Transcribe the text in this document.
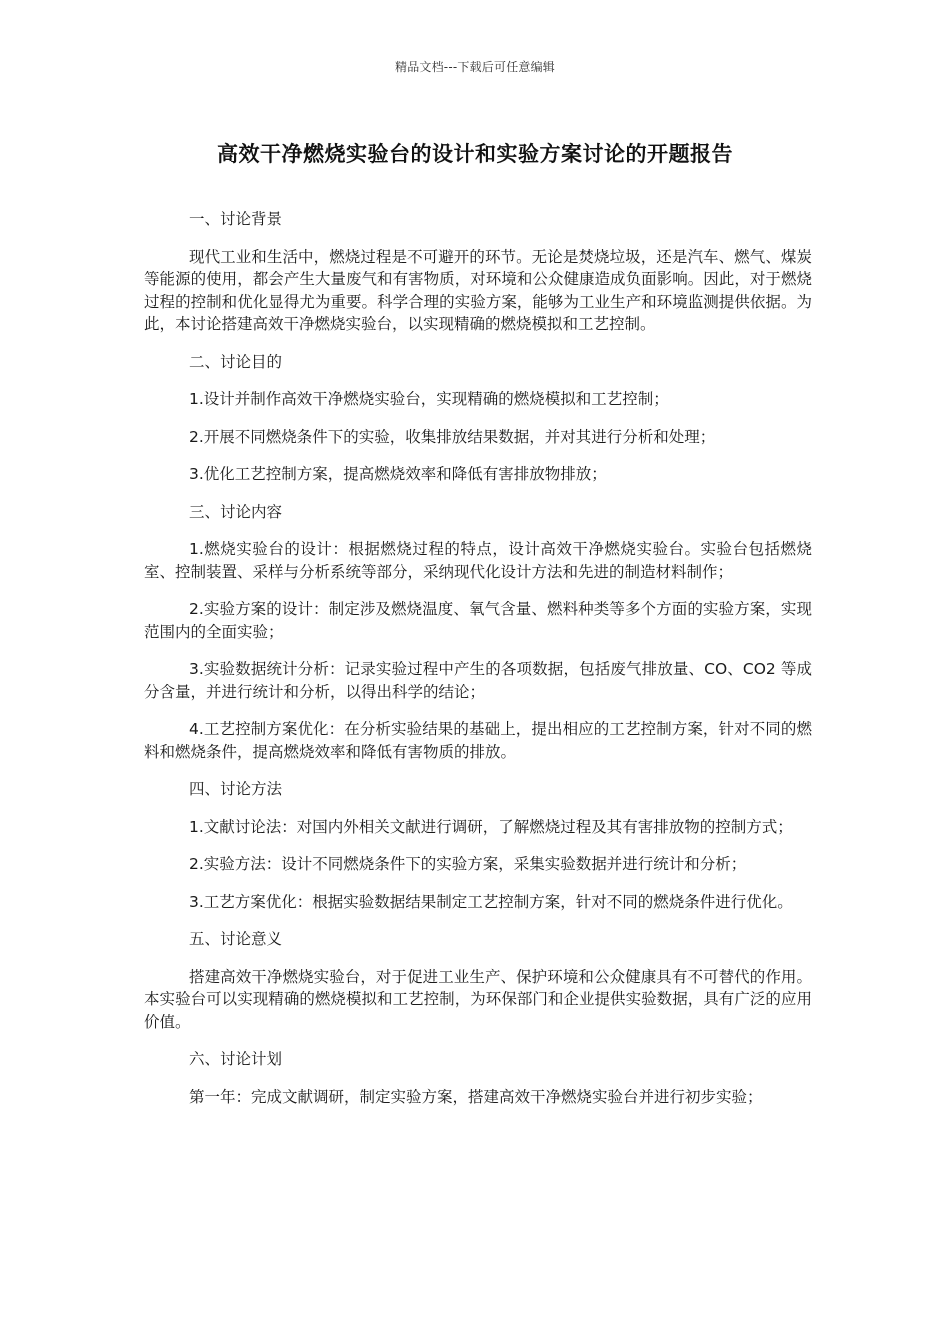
精品文档---下载后可任意编辑
高效干净燃烧实验台的设计和实验方案讨论的开题报告

一、讨论背景

现代工业和生活中，燃烧过程是不可避开的环节。无论是焚烧垃圾，还是汽车、燃气、煤炭等能源的使用，都会产生大量废气和有害物质，对环境和公众健康造成负面影响。因此，对于燃烧过程的控制和优化显得尤为重要。科学合理的实验方案，能够为工业生产和环境监测提供依据。为此，本讨论搭建高效干净燃烧实验台，以实现精确的燃烧模拟和工艺控制。

二、讨论目的

1.设计并制作高效干净燃烧实验台，实现精确的燃烧模拟和工艺控制；

2.开展不同燃烧条件下的实验，收集排放结果数据，并对其进行分析和处理；

3.优化工艺控制方案，提高燃烧效率和降低有害排放物排放；

三、讨论内容

1.燃烧实验台的设计：根据燃烧过程的特点，设计高效干净燃烧实验台。实验台包括燃烧室、控制装置、采样与分析系统等部分，采纳现代化设计方法和先进的制造材料制作；

2.实验方案的设计：制定涉及燃烧温度、氧气含量、燃料种类等多个方面的实验方案，实现范围内的全面实验；

3.实验数据统计分析：记录实验过程中产生的各项数据，包括废气排放量、CO、CO2 等成分含量，并进行统计和分析，以得出科学的结论；

4.工艺控制方案优化：在分析实验结果的基础上，提出相应的工艺控制方案，针对不同的燃料和燃烧条件，提高燃烧效率和降低有害物质的排放。

四、讨论方法

1.文献讨论法：对国内外相关文献进行调研，了解燃烧过程及其有害排放物的控制方式；

2.实验方法：设计不同燃烧条件下的实验方案，采集实验数据并进行统计和分析；

3.工艺方案优化：根据实验数据结果制定工艺控制方案，针对不同的燃烧条件进行优化。

五、讨论意义

搭建高效干净燃烧实验台，对于促进工业生产、保护环境和公众健康具有不可替代的作用。本实验台可以实现精确的燃烧模拟和工艺控制，为环保部门和企业提供实验数据，具有广泛的应用价值。

六、讨论计划

第一年：完成文献调研，制定实验方案，搭建高效干净燃烧实验台并进行初步实验；
